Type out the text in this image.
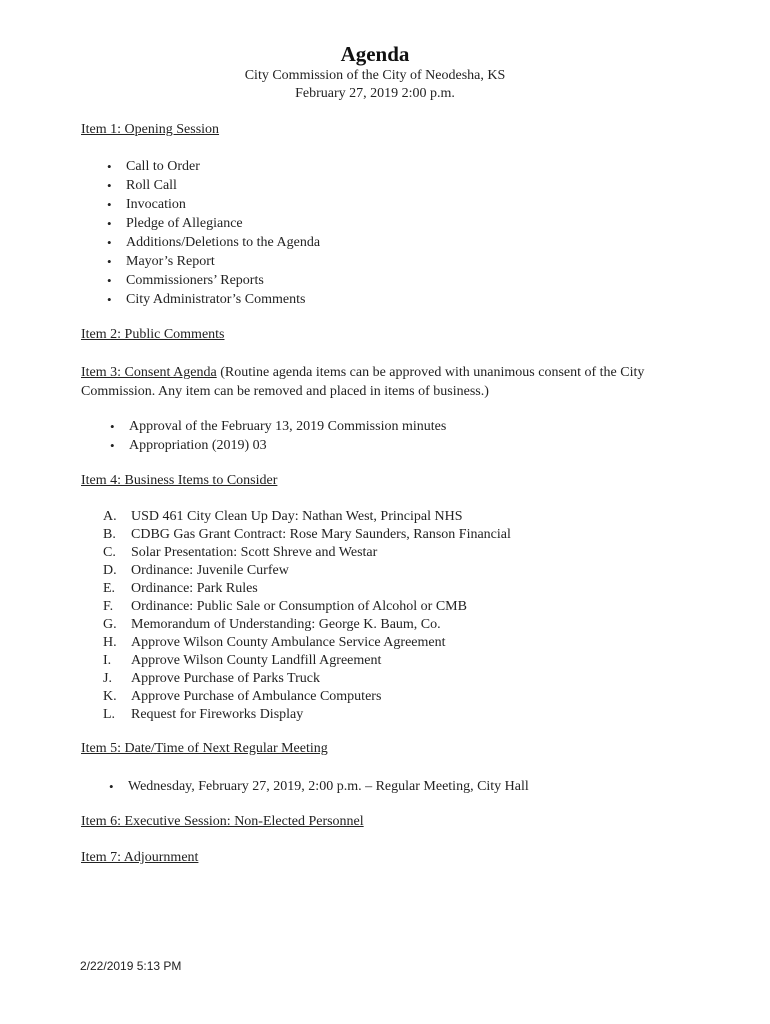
Agenda
City Commission of the City of Neodesha, KS
February 27, 2019 2:00 p.m.
Item 1: Opening Session
• Call to Order
• Roll Call
• Invocation
• Pledge of Allegiance
• Additions/Deletions to the Agenda
• Mayor’s Report
• Commissioners’ Reports
• City Administrator’s Comments
Item 2: Public Comments
Item 3: Consent Agenda (Routine agenda items can be approved with unanimous consent of the City Commission. Any item can be removed and placed in items of business.)
• Approval of the February 13, 2019 Commission minutes
• Appropriation (2019) 03
Item 4: Business Items to Consider
A.	USD 461 City Clean Up Day: Nathan West, Principal NHS
B.	CDBG Gas Grant Contract: Rose Mary Saunders, Ranson Financial
C.	Solar Presentation: Scott Shreve and Westar
D.	Ordinance: Juvenile Curfew
E.	Ordinance: Park Rules
F.	Ordinance: Public Sale or Consumption of Alcohol or CMB
G.	Memorandum of Understanding: George K. Baum, Co.
H.	Approve Wilson County Ambulance Service Agreement
I.	Approve Wilson County Landfill Agreement
J.	Approve Purchase of Parks Truck
K.	Approve Purchase of Ambulance Computers
L.	Request for Fireworks Display
Item 5: Date/Time of Next Regular Meeting
• Wednesday, February 27, 2019, 2:00 p.m. – Regular Meeting, City Hall
Item 6: Executive Session: Non-Elected Personnel
Item 7: Adjournment
2/22/2019 5:13 PM
